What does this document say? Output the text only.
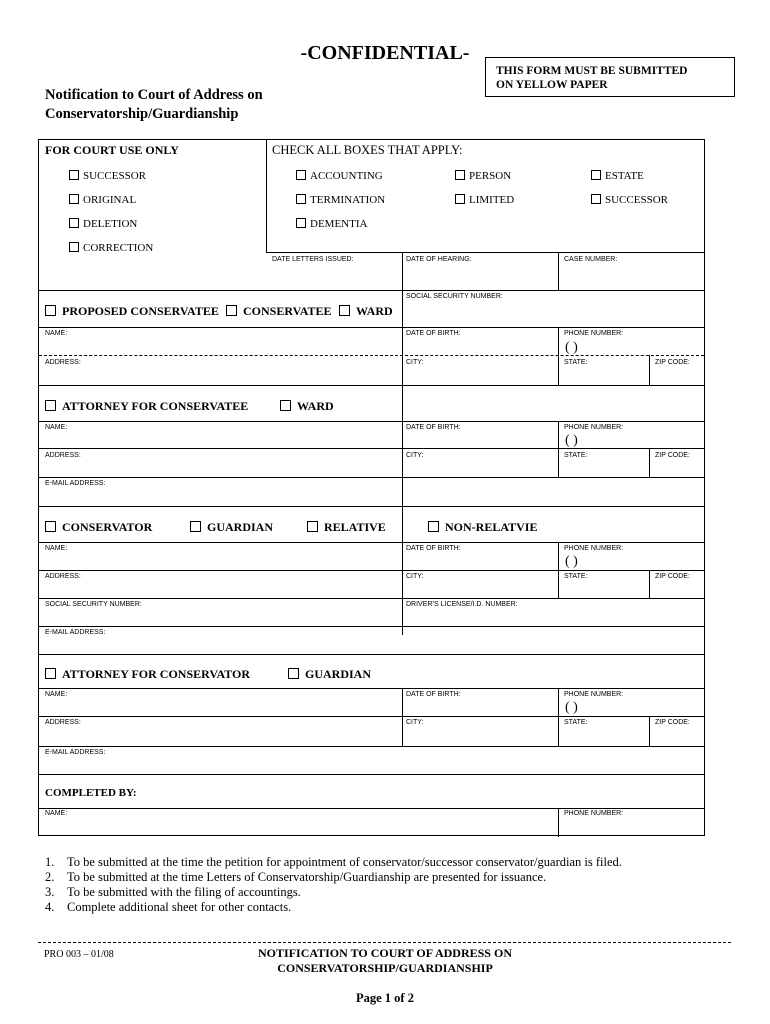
-CONFIDENTIAL-
THIS FORM MUST BE SUBMITTED
ON YELLOW PAPER
Notification to Court of Address on
Conservatorship/Guardianship
FOR COURT USE ONLY
SUCCESSOR
ORIGINAL
DELETION
CORRECTION
CHECK ALL BOXES THAT APPLY:
ACCOUNTING
TERMINATION
DEMENTIA
PERSON
LIMITED
ESTATE
SUCCESSOR
DATE LETTERS ISSUED:	DATE OF HEARING:	CASE NUMBER:
SOCIAL SECURITY NUMBER:
PROPOSED CONSERVATEE	CONSERVATEE	WARD
NAME:	DATE OF BIRTH:	PHONE NUMBER:
( )
ADDRESS:	CITY:	STATE:	ZIP CODE:
ATTORNEY FOR CONSERVATEE	WARD
NAME:	DATE OF BIRTH:	PHONE NUMBER:
( )
ADDRESS:	CITY:	STATE:	ZIP CODE:
E-MAIL ADDRESS:
CONSERVATOR	GUARDIAN	RELATIVE	NON-RELATVIE
NAME:	DATE OF BIRTH:	PHONE NUMBER:
( )
ADDRESS:	CITY:	STATE:	ZIP CODE:
SOCIAL SECURITY NUMBER:	DRIVER’S LICENSE/I.D. NUMBER:
E-MAIL ADDRESS:
ATTORNEY FOR CONSERVATOR	GUARDIAN
NAME:	DATE OF BIRTH:	PHONE NUMBER:
( )
ADDRESS:	CITY:	STATE:	ZIP CODE:
E-MAIL ADDRESS:
COMPLETED BY:
NAME:	PHONE NUMBER:
1. To be submitted at the time the petition for appointment of conservator/successor conservator/guardian is filed.
2. To be submitted at the time Letters of Conservatorship/Guardianship are presented for issuance.
3. To be submitted with the filing of accountings.
4. Complete additional sheet for other contacts.
PRO 003 – 01/08	NOTIFICATION TO COURT OF ADDRESS ON
CONSERVATORSHIP/GUARDIANSHIP
Page 1 of 2
